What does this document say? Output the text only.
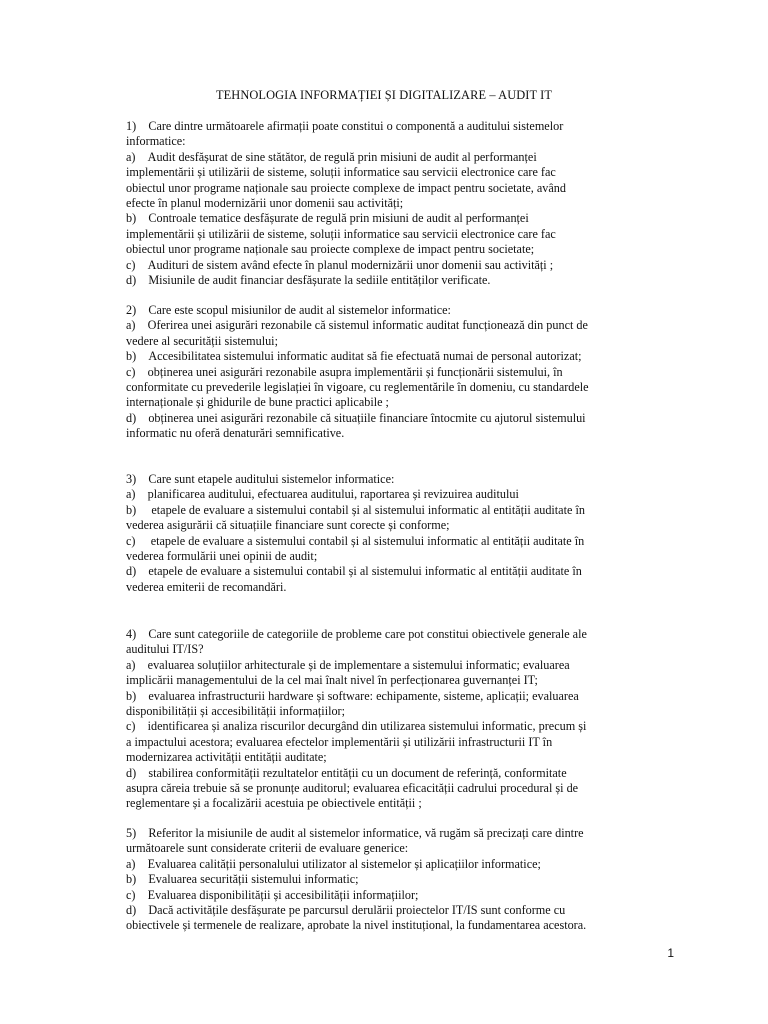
TEHNOLOGIA INFORMAȚIEI ȘI DIGITALIZARE – AUDIT IT
1)    Care dintre următoarele afirmații poate constitui o componentă a auditului sistemelor
informatice:
a)    Audit desfășurat de sine stătător, de regulă prin misiuni de audit al performanței
implementării și utilizării de sisteme, soluții informatice sau servicii electronice care fac
obiectul unor programe naționale sau proiecte complexe de impact pentru societate, având
efecte în planul modernizării unor domenii sau activități;
b)    Controale tematice desfășurate de regulă prin misiuni de audit al performanței
implementării și utilizării de sisteme, soluții informatice sau servicii electronice care fac
obiectul unor programe naționale sau proiecte complexe de impact pentru societate;
c)    Audituri de sistem având efecte în planul modernizării unor domenii sau activități ;
d)    Misiunile de audit financiar desfășurate la sediile entităților verificate.
2)    Care este scopul misiunilor de audit al sistemelor informatice:
a)    Oferirea unei asigurări rezonabile că sistemul informatic auditat funcționează din punct de
vedere al securității sistemului;
b)    Accesibilitatea sistemului informatic auditat să fie efectuată numai de personal autorizat;
c)    obținerea unei asigurări rezonabile asupra implementării și funcționării sistemului, în
conformitate cu prevederile legislației în vigoare, cu reglementările în domeniu, cu standardele
internaționale și ghidurile de bune practici aplicabile ;
d)    obținerea unei asigurări rezonabile că situațiile financiare întocmite cu ajutorul sistemului
informatic nu oferă denaturări semnificative.
3)    Care sunt etapele auditului sistemelor informatice:
a)    planificarea auditului, efectuarea auditului, raportarea și revizuirea auditului
b)     etapele de evaluare a sistemului contabil și al sistemului informatic al entității auditate în
vederea asigurării că situațiile financiare sunt corecte și conforme;
c)     etapele de evaluare a sistemului contabil și al sistemului informatic al entității auditate în
vederea formulării unei opinii de audit;
d)    etapele de evaluare a sistemului contabil și al sistemului informatic al entității auditate în
vederea emiterii de recomandări.
4)    Care sunt categoriile de categoriile de probleme care pot constitui obiectivele generale ale
auditului IT/IS?
a)    evaluarea soluțiilor arhitecturale și de implementare a sistemului informatic; evaluarea
implicării managementului de la cel mai înalt nivel în perfecționarea guvernanței IT;
b)    evaluarea infrastructurii hardware și software: echipamente, sisteme, aplicații; evaluarea
disponibilității și accesibilității informațiilor;
c)    identificarea și analiza riscurilor decurgând din utilizarea sistemului informatic, precum și
a impactului acestora; evaluarea efectelor implementării și utilizării infrastructurii IT în
modernizarea activității entității auditate;
d)    stabilirea conformității rezultatelor entității cu un document de referință, conformitate
asupra căreia trebuie să se pronunțe auditorul; evaluarea eficacității cadrului procedural și de
reglementare și a focalizării acestuia pe obiectivele entității ;
5)    Referitor la misiunile de audit al sistemelor informatice, vă rugăm să precizați care dintre
următoarele sunt considerate criterii de evaluare generice:
a)    Evaluarea calității personalului utilizator al sistemelor și aplicațiilor informatice;
b)    Evaluarea securității sistemului informatic;
c)    Evaluarea disponibilității și accesibilității informațiilor;
d)    Dacă activitățile desfășurate pe parcursul derulării proiectelor IT/IS sunt conforme cu
obiectivele și termenele de realizare, aprobate la nivel instituțional, la fundamentarea acestora.
1
